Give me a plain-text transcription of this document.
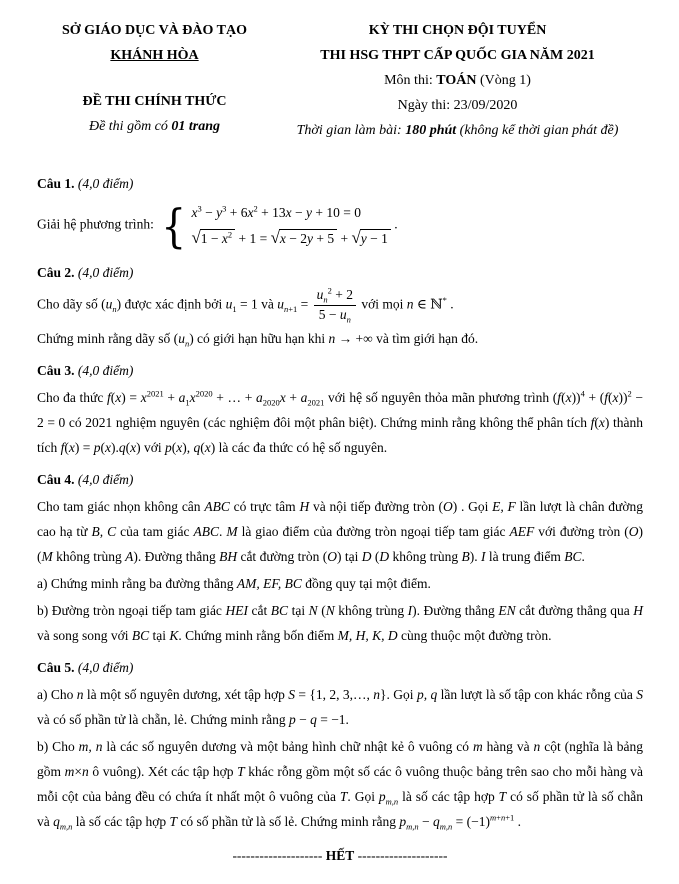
SỞ GIÁO DỤC VÀ ĐÀO TẠO
KHÁNH HÒA
ĐỀ THI CHÍNH THỨC
Đề thi gồm có 01 trang
KỲ THI CHỌN ĐỘI TUYỂN
THI HSG THPT CẤP QUỐC GIA NĂM 2021
Môn thi: TOÁN (Vòng 1)
Ngày thi: 23/09/2020
Thời gian làm bài: 180 phút (không kể thời gian phát đề)

Câu 1. (4,0 điểm)

Giải hệ phương trình: { $x^3 - y^3 + 6x^2 + 13x - y + 10 = 0$
$√1 - x^2 + 1 = √x - 2y + 5 + √y - 1$
.

Câu 2. (4,0 điểm)

Cho dãy số $(u_n)$ được xác định bởi $u_1 = 1$ và $u_{n+1} = \frac{u_n^2 + 2}{5 - u_n}$ với mọi n ∈ ℕ* .

Chứng minh rằng dãy số $(u_n)$ có giới hạn hữu hạn khi n → +∞ và tìm giới hạn đó.

Câu 3. (4,0 điểm)

Cho đa thức $f(x) = x^{2021} + a_1x^{2020}$ + … + $a_{2020}x + a_{2021}$ với hệ số nguyên thỏa mãn phương trình $(f(x))^4 + (f(x))^2 - 2 = 0$ có 2021 nghiệm nguyên (các nghiệm đôi một phân biệt). Chứng minh rằng không thể phân tích f(x) thành tích f(x) = p(x).q(x) với p(x), q(x) là các đa thức có hệ số nguyên.

Câu 4. (4,0 điểm)

Cho tam giác nhọn không cân ABC có trực tâm H và nội tiếp đường tròn (O) . Gọi E, F lần lượt là chân đường cao hạ từ B, C của tam giác ABC. M là giao điểm của đường tròn ngoại tiếp tam giác AEF với đường tròn (O) (M không trùng A). Đường thẳng BH cắt đường tròn (O) tại D (D không trùng B). I là trung điểm BC.

a) Chứng minh rằng ba đường thẳng AM, EF, BC đồng quy tại một điểm.

b) Đường tròn ngoại tiếp tam giác HEI cắt BC tại N (N không trùng I). Đường thẳng EN cắt đường thẳng qua H và song song với BC tại K. Chứng minh rằng bốn điểm M, H, K, D cùng thuộc một đường tròn.

Câu 5. (4,0 điểm)

a) Cho n là một số nguyên dương, xét tập hợp S = {1, 2, 3,…, n}. Gọi p, q lần lượt là số tập con khác rỗng của S và có số phần tử là chẵn, lẻ. Chứng minh rằng p − q = −1.

b) Cho m, n là các số nguyên dương và một bảng hình chữ nhật kẻ ô vuông có m hàng và n cột (nghĩa là bảng gồm m×n ô vuông). Xét các tập hợp T khác rỗng gồm một số các ô vuông thuộc bảng trên sao cho mỗi hàng và mỗi cột của bảng đều có chứa ít nhất một ô vuông của T. Gọi $p_{m,n}$ là số các tập hợp T có số phần tử là số chẵn và $q_{m,n}$ là số các tập hợp T có số phần tử là số lẻ. Chứng minh rằng $p_{m,n} - q_{m,n} = (-1)^{m+n+1}$ .

-------------------- HẾT --------------------
